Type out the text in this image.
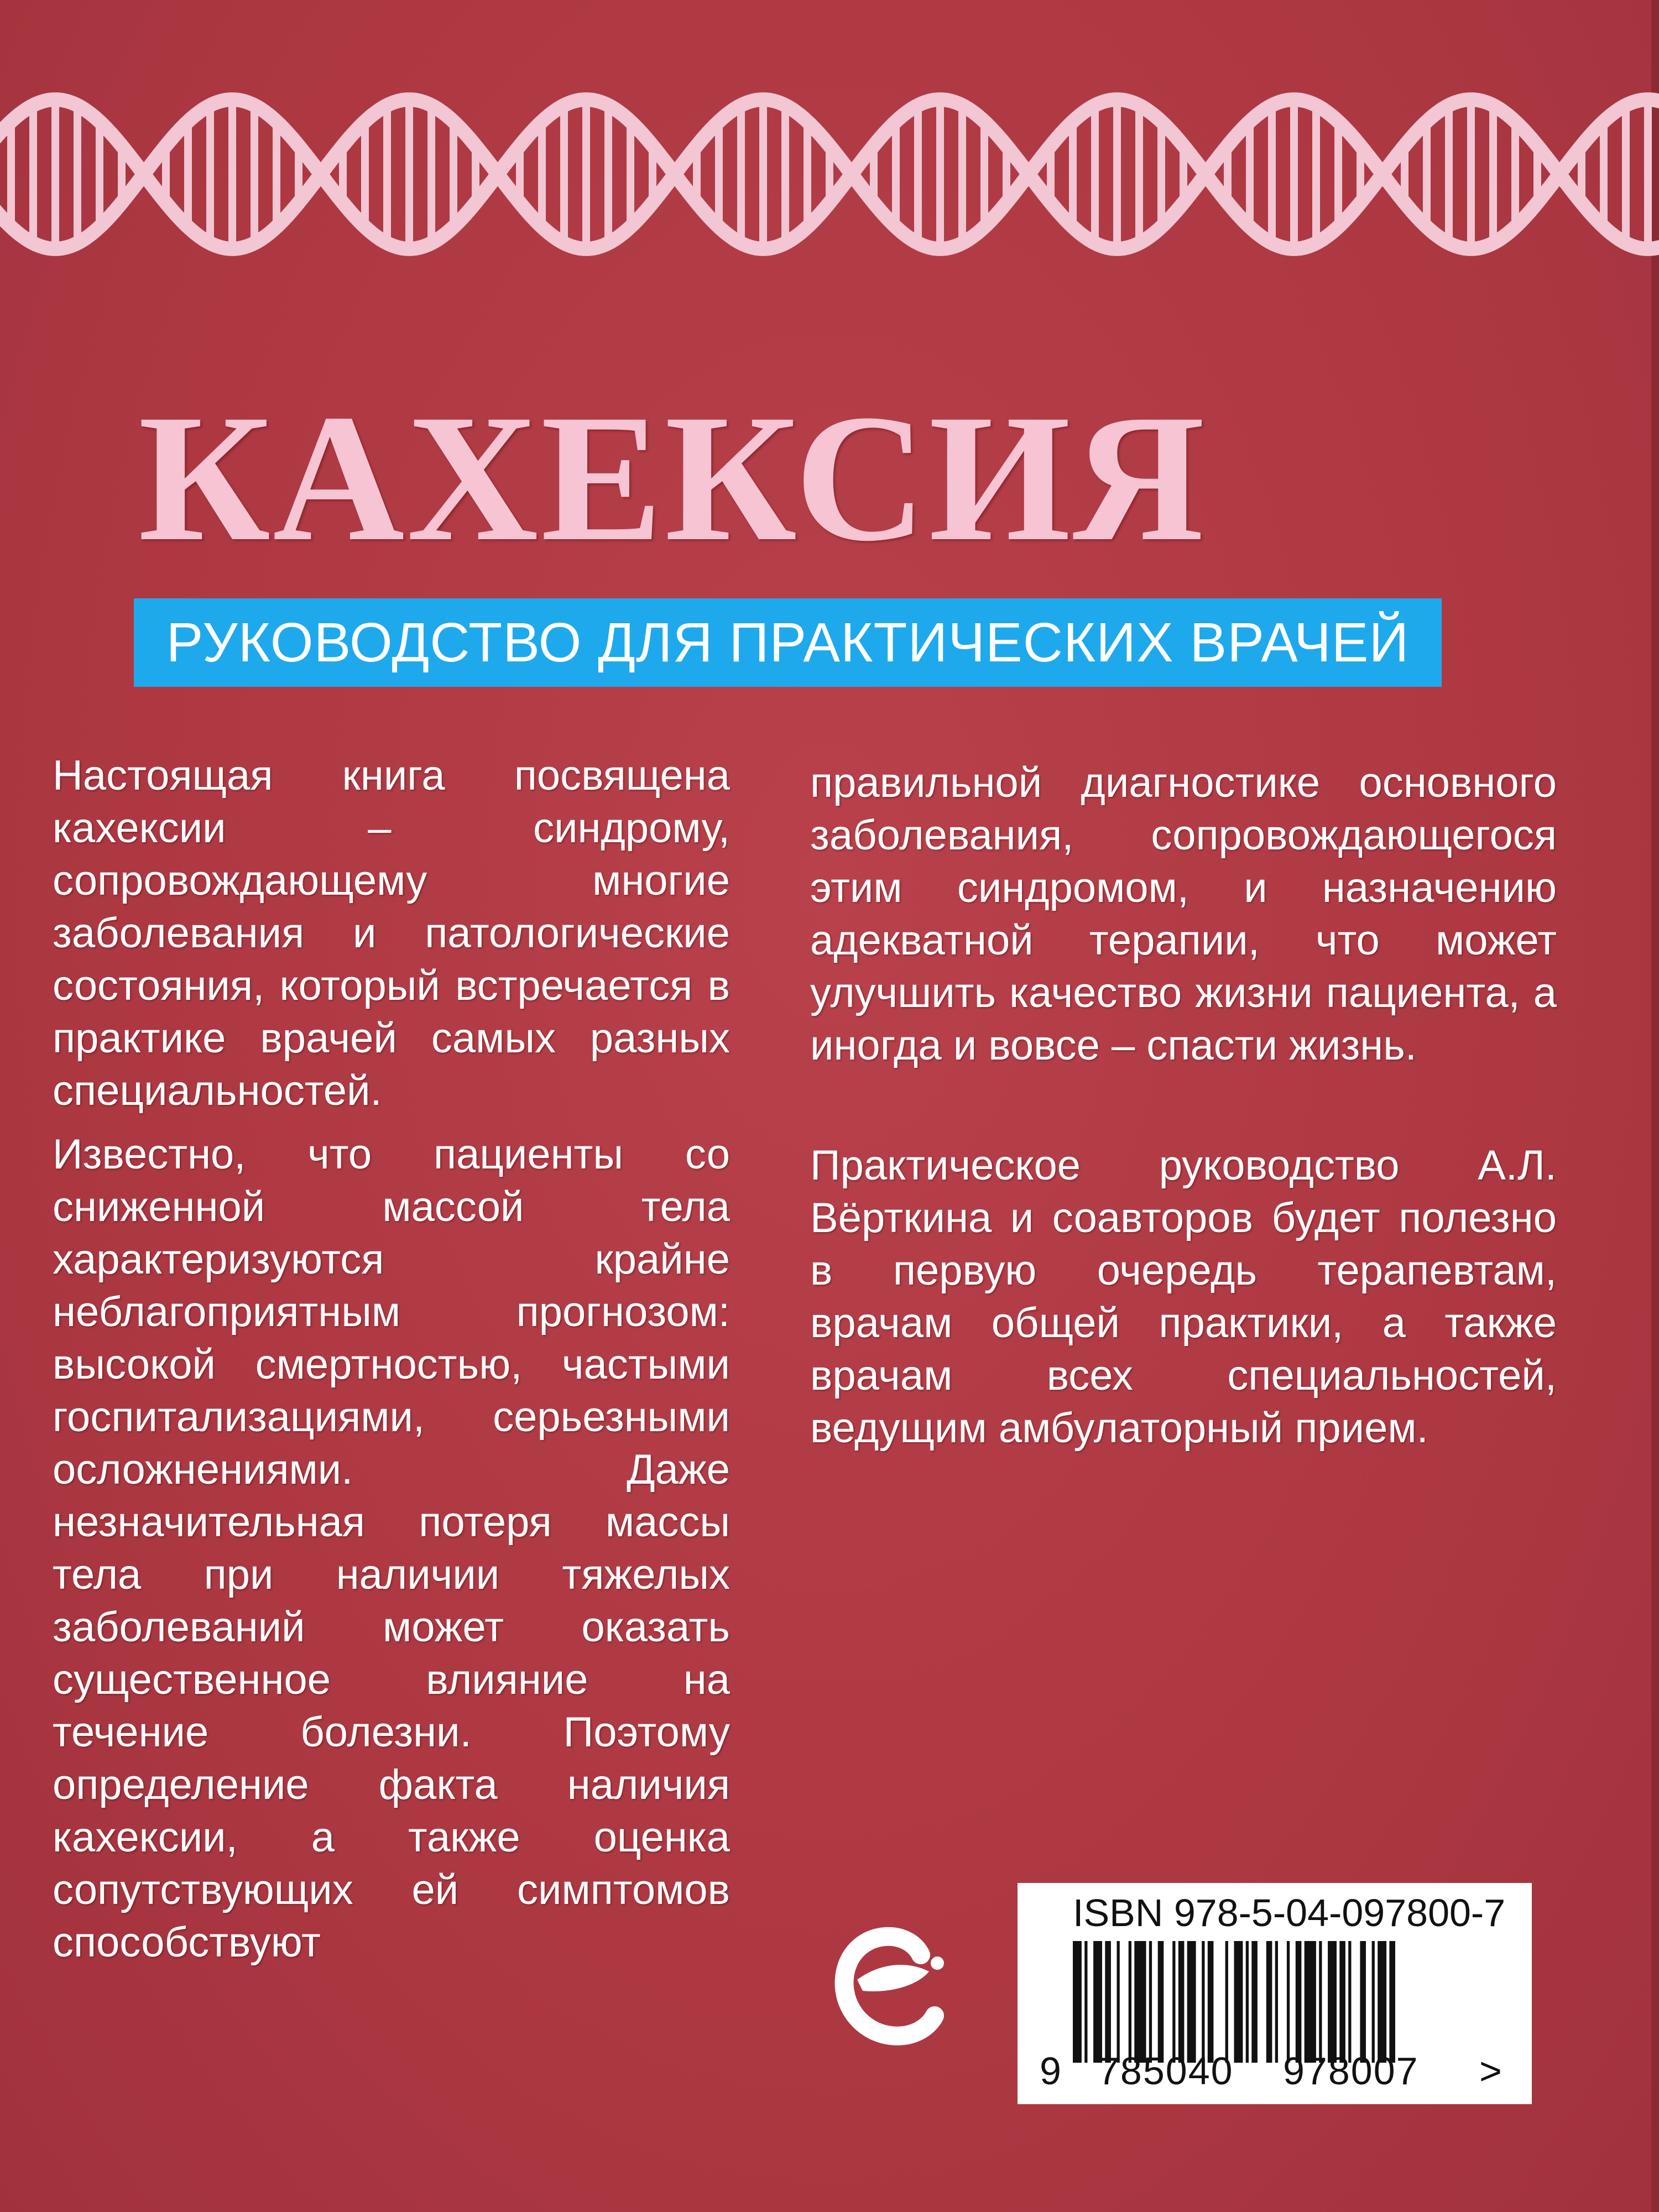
КАХЕКСИЯ
РУКОВОДСТВО ДЛЯ ПРАКТИЧЕСКИХ ВРАЧЕЙ

Настоящая книга посвящена кахексии – синдрому, сопровождающему многие заболевания и патологические состояния, который встречается в практике врачей самых разных специальностей.

Известно, что пациенты со сниженной массой тела характеризуются крайне неблагоприятным прогнозом: высокой смертностью, частыми госпитализациями, серьезными осложнениями. Даже незначительная потеря массы тела при наличии тяжелых заболеваний может оказать существенное влияние на течение болезни. Поэтому определение факта наличия кахексии, а также оценка сопутствующих ей симптомов способствуют

правильной диагностике основного заболевания, сопровождающегося этим синдромом, и назначению адекватной терапии, что может улучшить качество жизни пациента, а иногда и вовсе – спасти жизнь.

Практическое руководство А.Л. Вёрткина и соавторов будет полезно в первую очередь терапевтам, врачам общей практики, а также врачам всех специальностей, ведущим амбулаторный прием.

ISBN 978-5-04-097800-7

9 785040 978007 >
